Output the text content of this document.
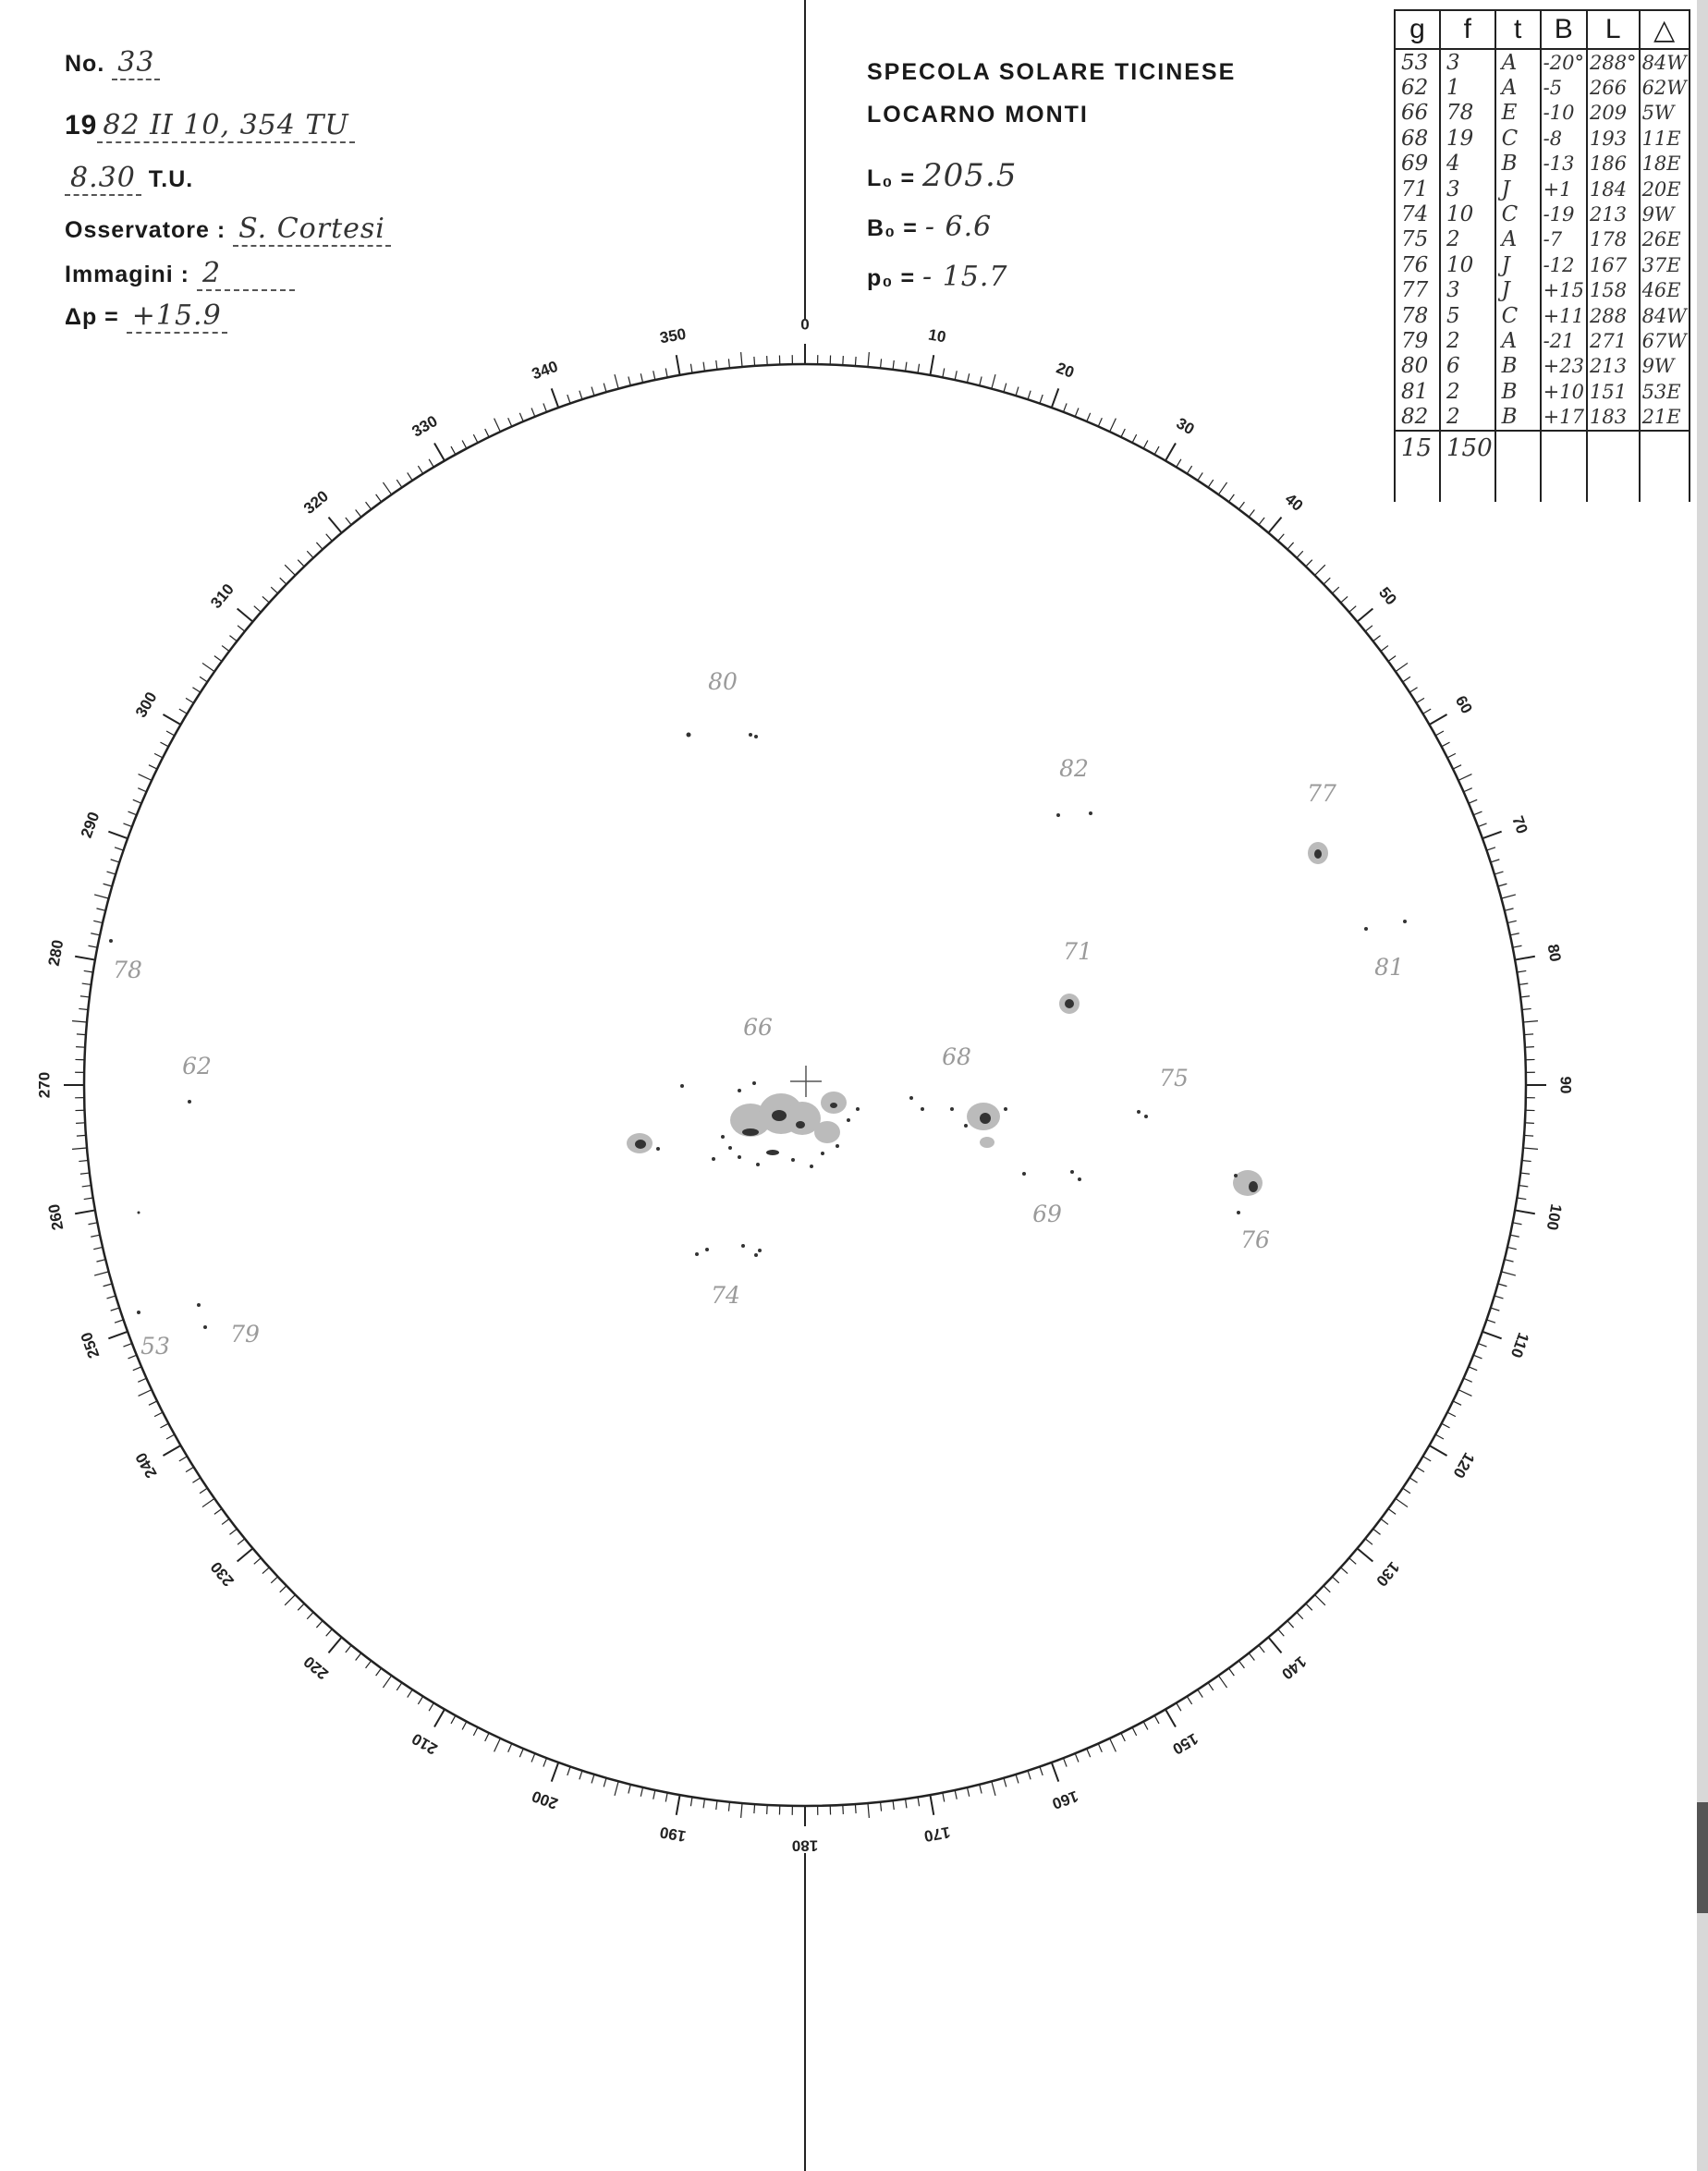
No. 33
19 82 II 10, 354 TU
8.30 T.U.
Osservatore : S. Cortesi
Immagini : 2
Δp = +15.9
SPECOLA SOLARE TICINESE
LOCARNO MONTI
L₀ = 205.5
B₀ = - 6.6
p₀ = - 15.7
g	f	t	B	L	△
53	3	A	-20°	288°	84W
62	1	A	-5	266	62W
66	78	E	-10	209	5W
68	19	C	-8	193	11E
69	4	B	-13	186	18E
71	3	J	+1	184	20E
74	10	C	-19	213	9W
75	2	A	-7	178	26E
76	10	J	-12	167	37E
77	3	J	+15	158	46E
78	5	C	+11	288	84W
79	2	A	-21	271	67W
80	6	B	+23	213	9W
81	2	B	+10	151	53E
82	2	B	+17	183	21E
15	150				

0
10
20
30
40
50
60
70
80
90
100
110
120
130
140
150
160
170
180
190
200
210
220
230
240
250
260
270
280
290
300
310
320
330
340
350
80
82
77
71
81
78
62
66
68
75
69
76
74
53	79
